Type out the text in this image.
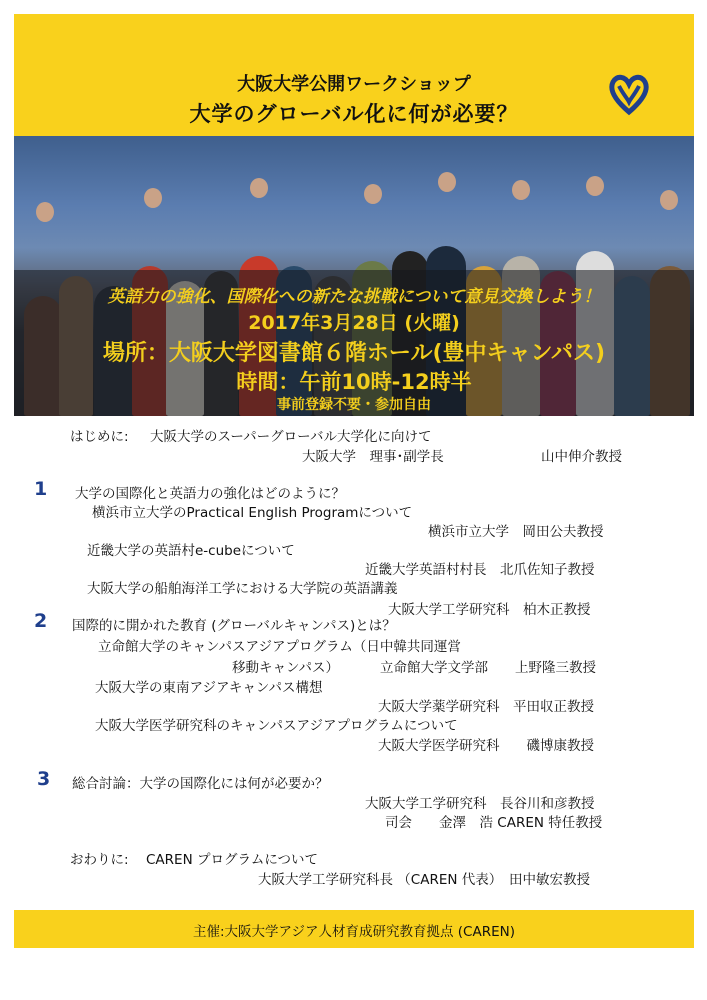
大阪大学公開ワークショップ
大学のグローバル化に何が必要？
英語力の強化、国際化への新たな挑戦について意見交換しよう！
2017年3月28日 (火曜)
場所：大阪大学図書館６階ホール(豊中キャンパス)
時間：午前10時-12時半
事前登録不要・参加自由
はじめに: 大阪大学のスーパーグローバル大学化に向けて
大阪大学　理事･副学長	山中伸介教授
1 大学の国際化と英語力の強化はどのように？
横浜市立大学のPractical English Programについて
横浜市立大学　岡田公夫教授
近畿大学の英語村e-cubeについて
近畿大学英語村村長　北爪佐知子教授
大阪大学の船舶海洋工学における大学院の英語講義
大阪大学工学研究科　柏木正教授
2 国際的に開かれた教育 (グローバルキャンパス)とは？
立命館大学のキャンパスアジアプログラム（日中韓共同運営
移動キャンパス）	立命館大学文学部　　上野隆三教授
大阪大学の東南アジアキャンパス構想
大阪大学薬学研究科　平田収正教授
大阪大学医学研究科のキャンパスアジアプログラムについて
大阪大学医学研究科　　磯博康教授
3 総合討論：大学の国際化には何が必要か？
大阪大学工学研究科　長谷川和彦教授
司会　　金澤　浩 CAREN 特任教授
おわりに: CAREN プログラムについて
大阪大学工学研究科長 （CAREN 代表）　田中敏宏教授
主催:大阪大学アジア人材育成研究教育拠点 (CAREN)
